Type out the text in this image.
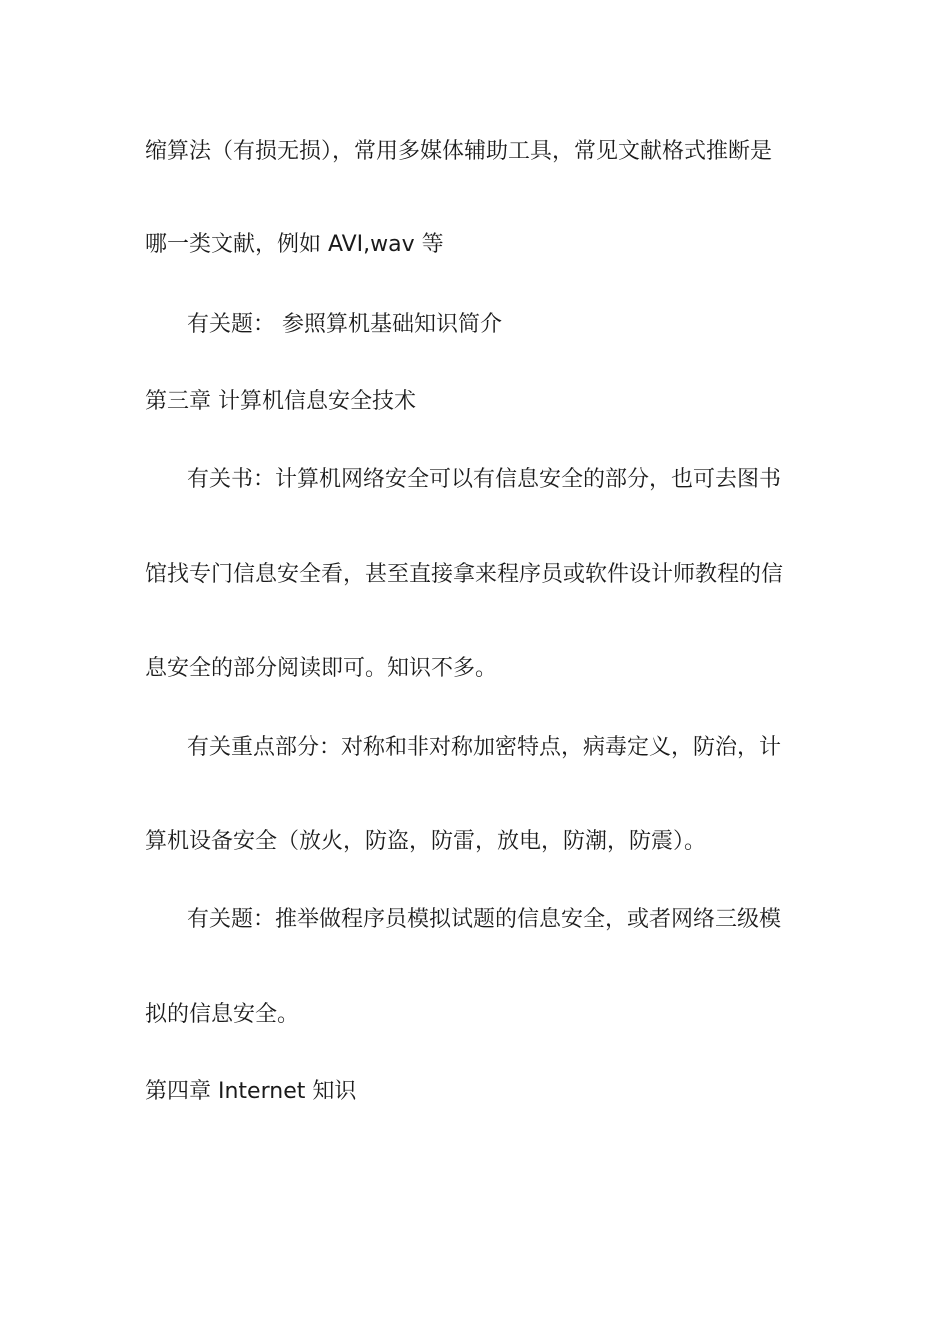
缩算法（有损无损），常用多媒体辅助工具，常见文献格式推断是
哪一类文献，例如 AVI,wav 等
有关题： 参照算机基础知识简介
第三章 计算机信息安全技术
有关书：计算机网络安全可以有信息安全的部分，也可去图书
馆找专门信息安全看，甚至直接拿来程序员或软件设计师教程的信
息安全的部分阅读即可。知识不多。
有关重点部分：对称和非对称加密特点，病毒定义，防治，计
算机设备安全（放火，防盗，防雷，放电，防潮，防震）。
有关题：推举做程序员模拟试题的信息安全，或者网络三级模
拟的信息安全。
第四章 Internet 知识
